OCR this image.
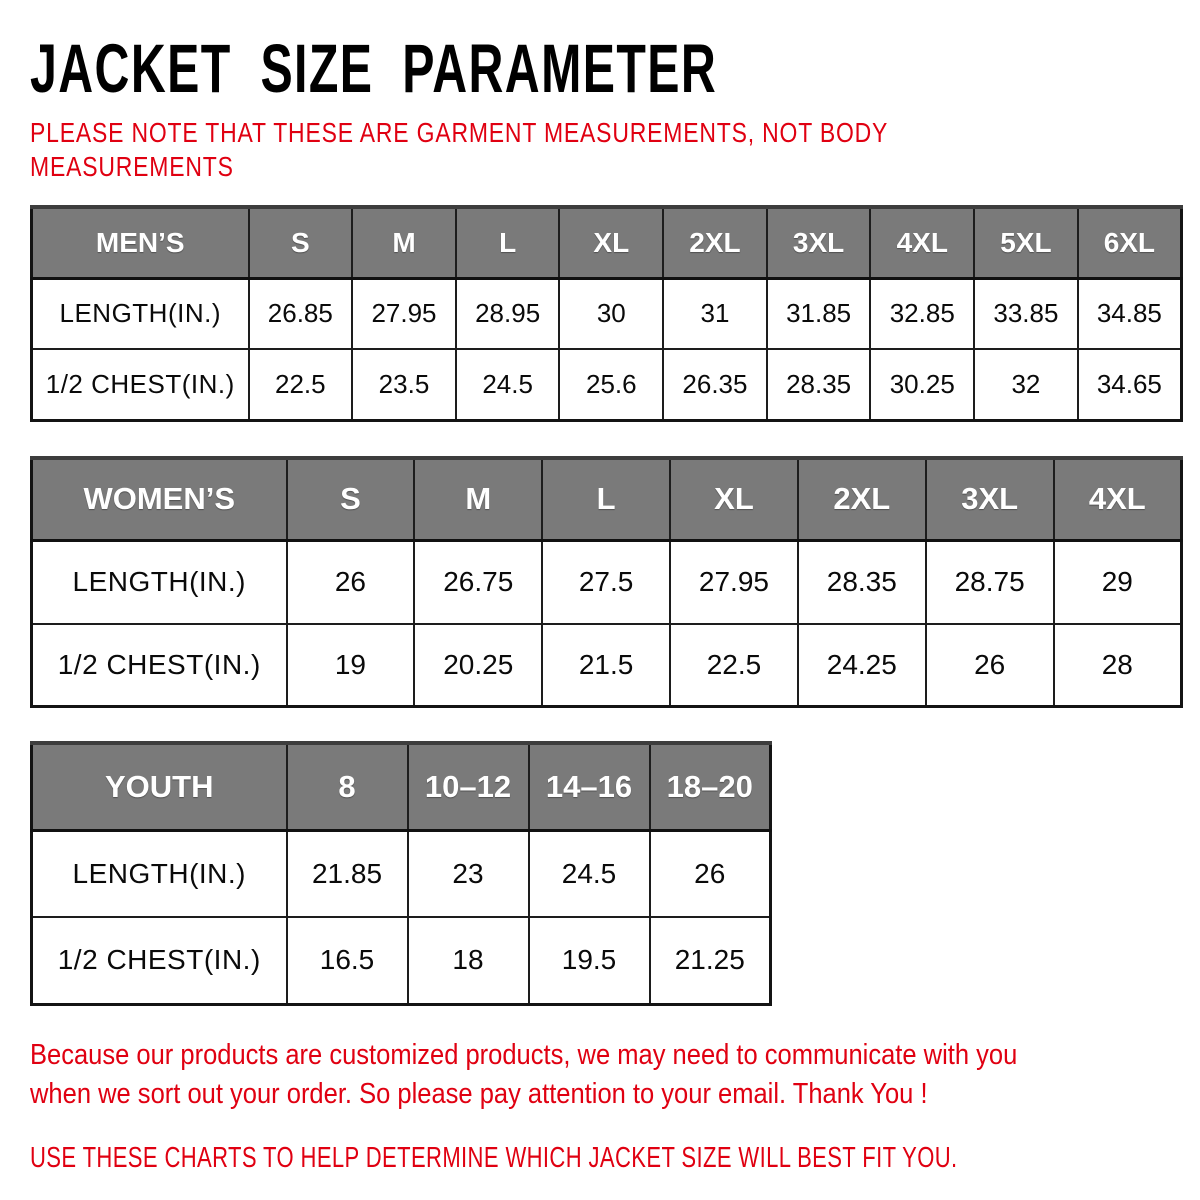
JACKET SIZE PARAMETER
PLEASE NOTE THAT THESE ARE GARMENT MEASUREMENTS, NOT BODY
MEASUREMENTS
MEN’S	S	M	L	XL	2XL	3XL	4XL	5XL	6XL
LENGTH(IN.)	26.85	27.95	28.95	30	31	31.85	32.85	33.85	34.85
1/2 CHEST(IN.)	22.5	23.5	24.5	25.6	26.35	28.35	30.25	32	34.65
WOMEN’S	S	M	L	XL	2XL	3XL	4XL
LENGTH(IN.)	26	26.75	27.5	27.95	28.35	28.75	29
1/2 CHEST(IN.)	19	20.25	21.5	22.5	24.25	26	28
YOUTH	8	10–12	14–16	18–20
LENGTH(IN.)	21.85	23	24.5	26
1/2 CHEST(IN.)	16.5	18	19.5	21.25
Because our products are customized products, we may need to communicate with you
when we sort out your order. So please pay attention to your email. Thank You !
USE THESE CHARTS TO HELP DETERMINE WHICH JACKET SIZE WILL BEST FIT YOU.
